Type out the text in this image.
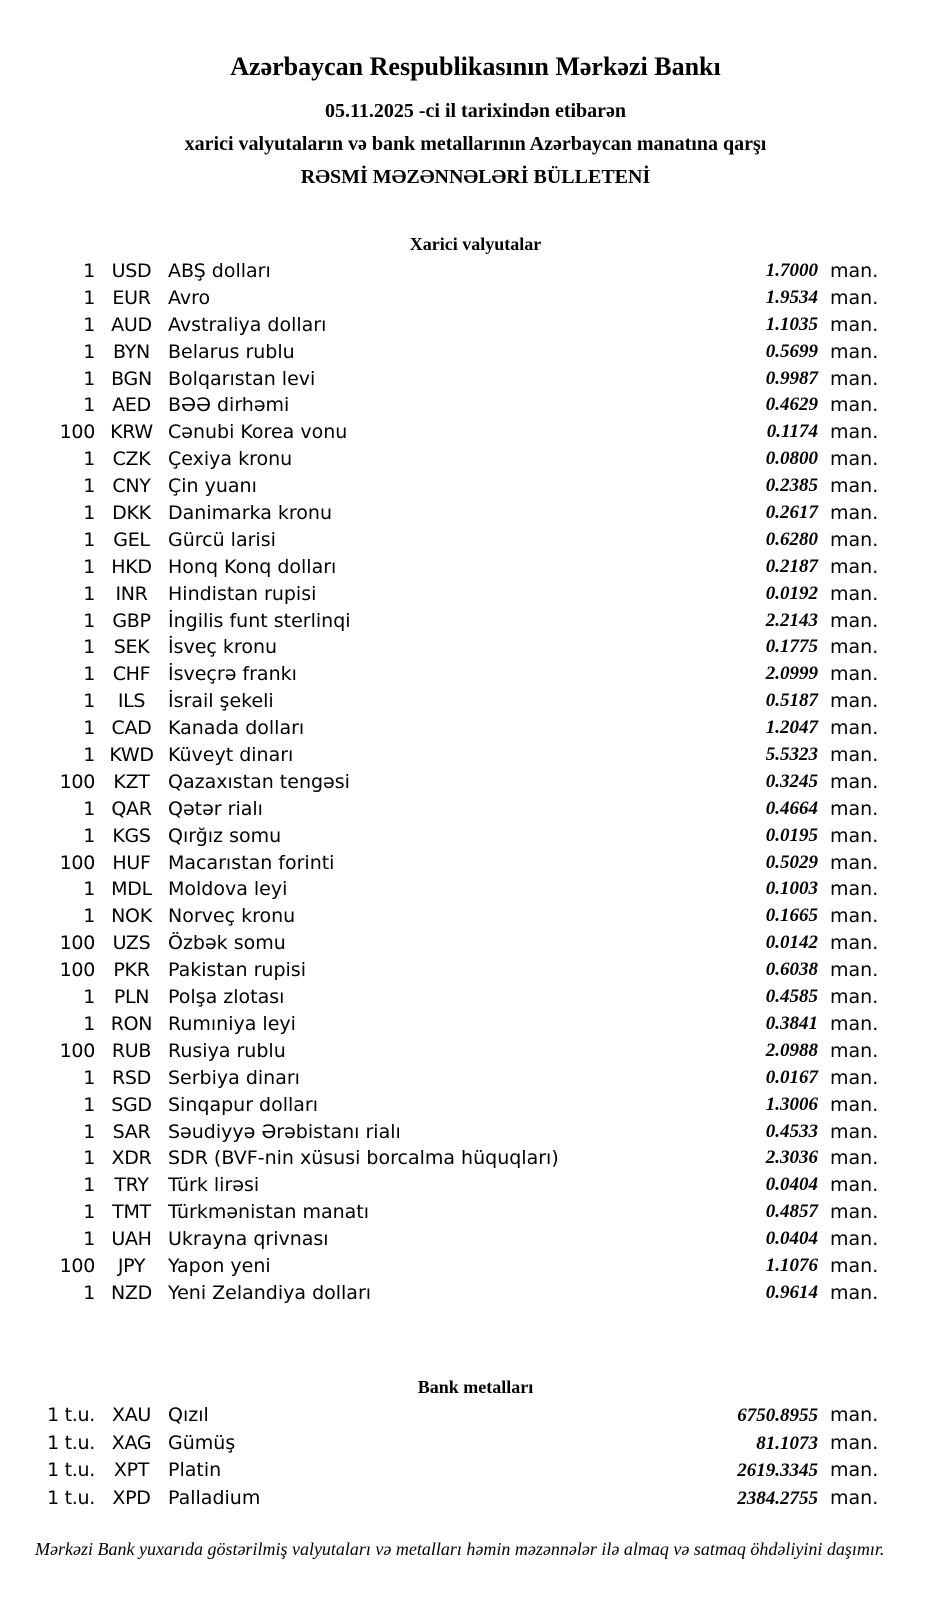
Azərbaycan Respublikasının Mərkəzi Bankı
05.11.2025 -ci il tarixindən etibarən
xarici valyutaların və bank metallarının Azərbaycan manatına qarşı
RƏSMİ MƏZƏNNƏLƏRİ BÜLLETENİ
Xarici valyutalar
1 USD ABŞ dolları	1.7000 man.
1 EUR Avro	1.9534 man.
1 AUD Avstraliya dolları	1.1035 man.
1 BYN Belarus rublu	0.5699 man.
1 BGN Bolqarıstan levi	0.9987 man.
1 AED BƏƏ dirhəmi	0.4629 man.
100 KRW Cənubi Korea vonu	0.1174 man.
1 CZK Çexiya kronu	0.0800 man.
1 CNY Çin yuanı	0.2385 man.
1 DKK Danimarka kronu	0.2617 man.
1 GEL Gürcü larisi	0.6280 man.
1 HKD Honq Konq dolları	0.2187 man.
1	INR	Hindistan rupisi	0.0192 man.
1 GBP İngilis funt sterlinqi	2.2143 man.
1 SEK İsveç kronu	0.1775 man.
1 CHF İsveçrə frankı	2.0999 man.
1	ILS	İsrail şekeli	0.5187 man.
1 CAD Kanada dolları	1.2047 man.
1 KWD Küveyt dinarı	5.5323 man.
100 KZT Qazaxıstan tengəsi	0.3245 man.
1 QAR Qətər rialı	0.4664 man.
1 KGS Qırğız somu	0.0195 man.
100 HUF Macarıstan forinti	0.5029 man.
1 MDL Moldova leyi	0.1003 man.
1 NOK Norveç kronu	0.1665 man.
100 UZS Özbək somu	0.0142 man.
100 PKR Pakistan rupisi	0.6038 man.
1 PLN Polşa zlotası	0.4585 man.
1 RON Rumıniya leyi	0.3841 man.
100 RUB Rusiya rublu	2.0988 man.
1 RSD Serbiya dinarı	0.0167 man.
1 SGD Sinqapur dolları	1.3006 man.
1 SAR Səudiyyə Ərəbistanı rialı	0.4533 man.
1 XDR SDR (BVF-nin xüsusi borcalma hüquqları)	2.3036 man.
1	TRY	Türk lirəsi	0.0404 man.
1 TMT Türkmənistan manatı	0.4857 man.
1 UAH Ukrayna qrivnası	0.0404 man.
100	JPY	Yapon yeni	1.1076 man.
1 NZD Yeni Zelandiya dolları	0.9614 man.
Bank metalları
1 t.u. XAU Qızıl	6750.8955 man.
1 t.u. XAG Gümüş	81.1073 man.
1 t.u. XPT Platin	2619.3345 man.
1 t.u. XPD Palladium	2384.2755 man.
Mərkəzi Bank yuxarıda göstərilmiş valyutaları və metalları həmin məzənnələr ilə almaq və satmaq öhdəliyini daşımır.
